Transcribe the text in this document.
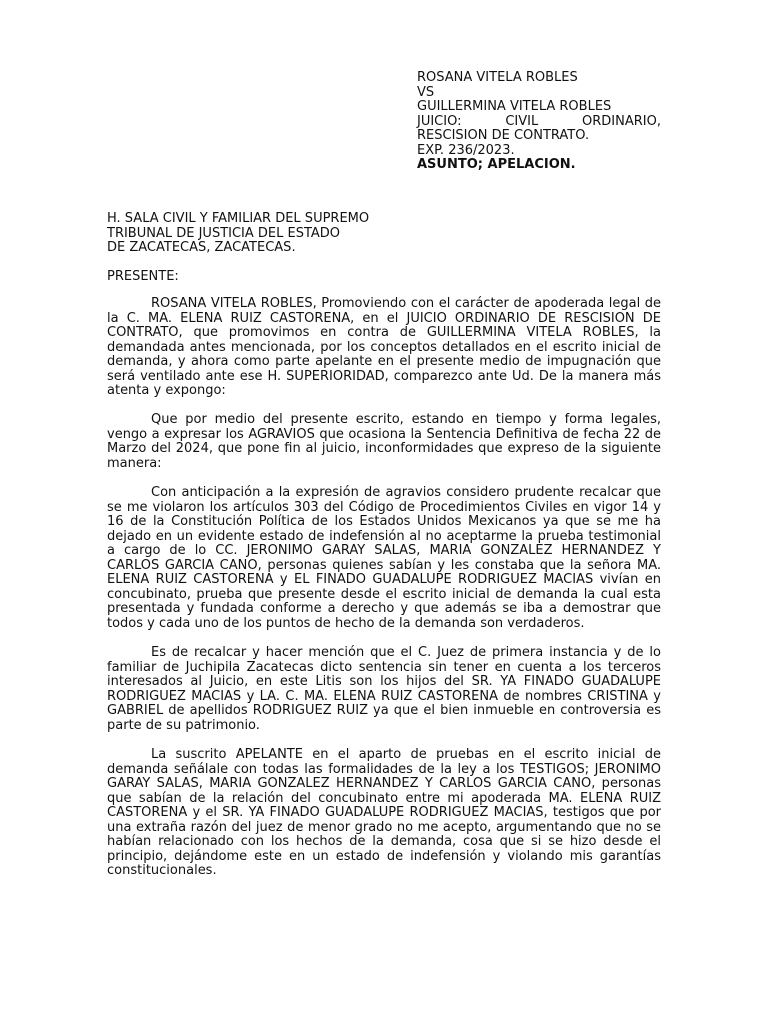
ROSANA VITELA ROBLES
VS
GUILLERMINA VITELA ROBLES
JUICIO:	CIVIL	ORDINARIO,
RESCISION DE CONTRATO.
EXP. 236/2023.
ASUNTO; APELACION.
H. SALA CIVIL Y FAMILIAR DEL SUPREMO
TRIBUNAL DE JUSTICIA DEL ESTADO
DE ZACATECAS, ZACATECAS.
PRESENTE:

ROSANA VITELA ROBLES, Promoviendo con el carácter de apoderada legal de la C. MA. ELENA RUIZ CASTORENA, en el JUICIO ORDINARIO DE RESCISION DE CONTRATO, que promovimos en contra de GUILLERMINA VITELA ROBLES, la demandada antes mencionada, por los conceptos detallados en el escrito inicial de demanda, y ahora como parte apelante en el presente medio de impugnación que será ventilado ante ese H. SUPERIORIDAD, comparezco ante Ud. De la manera más atenta y expongo:

Que por medio del presente escrito, estando en tiempo y forma legales, vengo a expresar los AGRAVIOS que ocasiona la Sentencia Definitiva de fecha 22 de Marzo del 2024, que pone fin al juicio, inconformidades que expreso de la siguiente manera:

Con anticipación a la expresión de agravios considero prudente recalcar que se me violaron los artículos 303 del Código de Procedimientos Civiles en vigor 14 y 16 de la Constitución Política de los Estados Unidos Mexicanos ya que se me ha dejado en un evidente estado de indefensión al no aceptarme la prueba testimonial a cargo de lo CC. JERONIMO GARAY SALAS, MARIA GONZALEZ HERNANDEZ Y CARLOS GARCIA CANO, personas quienes sabían y les constaba que la señora MA. ELENA RUIZ CASTORENA y EL FINADO GUADALUPE RODRIGUEZ MACIAS vivían en concubinato, prueba que presente desde el escrito inicial de demanda la cual esta presentada y fundada conforme a derecho y que además se iba a demostrar que todos y cada uno de los puntos de hecho de la demanda son verdaderos.

Es de recalcar y hacer mención que el C. Juez de primera instancia y de lo familiar de Juchipila Zacatecas dicto sentencia sin tener en cuenta a los terceros interesados al Juicio, en este Litis son los hijos del SR. YA FINADO GUADALUPE RODRIGUEZ MACIAS y LA. C. MA. ELENA RUIZ CASTORENA de nombres CRISTINA y GABRIEL de apellidos RODRIGUEZ RUIZ ya que el bien inmueble en controversia es parte de su patrimonio.

La suscrito APELANTE en el aparto de pruebas en el escrito inicial de demanda señálale con todas las formalidades de la ley a los TESTIGOS; JERONIMO GARAY SALAS, MARIA GONZALEZ HERNANDEZ Y CARLOS GARCIA CANO, personas que sabían de la relación del concubinato entre mi apoderada MA. ELENA RUIZ CASTORENA y el SR. YA FINADO GUADALUPE RODRIGUEZ MACIAS, testigos que por una extraña razón del juez de menor grado no me acepto, argumentando que no se habían relacionado con los hechos de la demanda, cosa que si se hizo desde el principio, dejándome este en un estado de indefensión y violando mis garantías constitucionales.
